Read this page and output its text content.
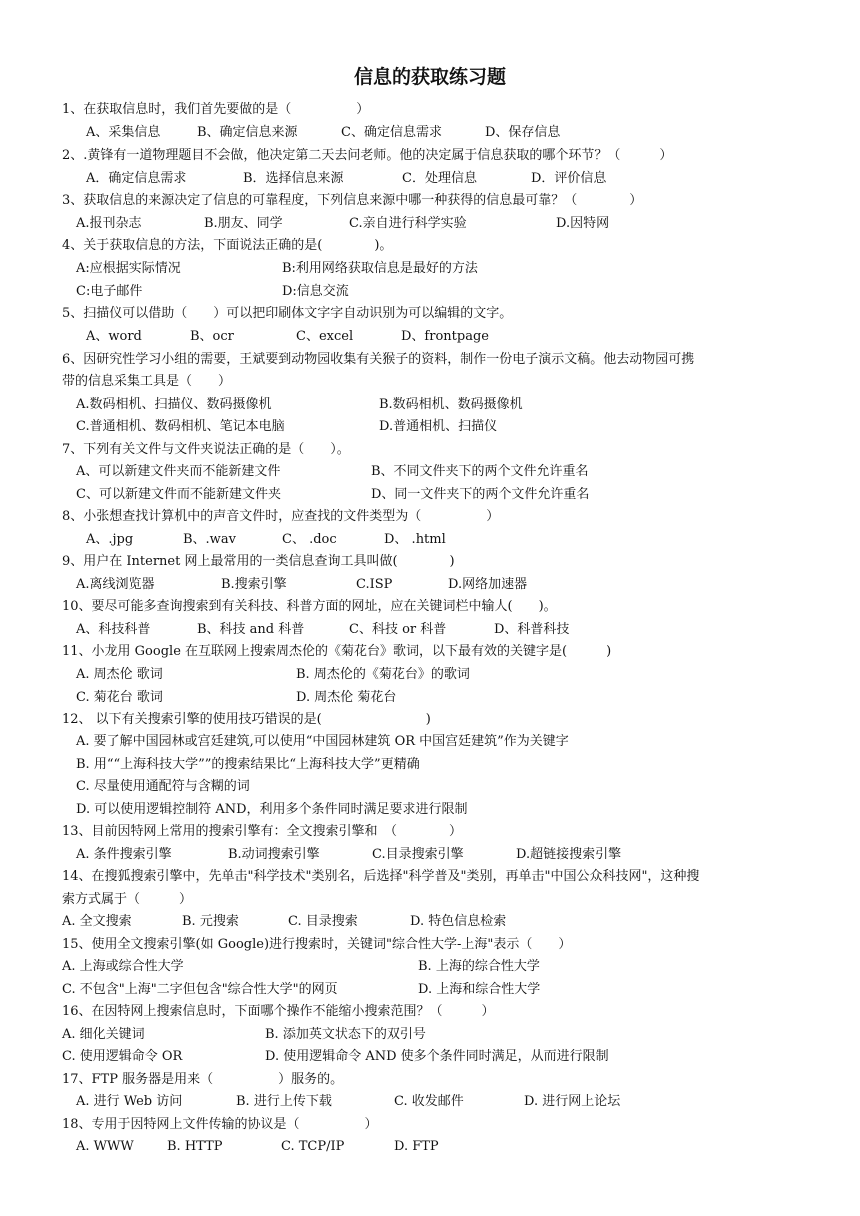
信息的获取练习题
1、在获取信息时，我们首先要做的是（　　　　　）
A、采集信息	B、确定信息来源	C、确定信息需求	D、保存信息
2、.黄锋有一道物理题目不会做，他决定第二天去问老师。他的决定属于信息获取的哪个环节？（　　　）
A．确定信息需求	B．选择信息来源	C．处理信息	D．评价信息
3、获取信息的来源决定了信息的可靠程度，下列信息来源中哪一种获得的信息最可靠？（　　　　）
A.报刊杂志	B.朋友、同学	C.亲自进行科学实验	D.因特网
4、关于获取信息的方法，下面说法正确的是(　　　　)。
A:应根据实际情况	B:利用网络获取信息是最好的方法
C:电子邮件	D:信息交流
5、扫描仪可以借助（　　）可以把印刷体文字字自动识别为可以编辑的文字。
A、word	B、ocr	C、excel	D、frontpage
6、因研究性学习小组的需要，王斌要到动物园收集有关猴子的资料，制作一份电子演示文稿。他去动物园可携
带的信息采集工具是（　　）
A.数码相机、扫描仪、数码摄像机	B.数码相机、数码摄像机
C.普通相机、数码相机、笔记本电脑	D.普通相机、扫描仪
7、下列有关文件与文件夹说法正确的是（　　）。
A、可以新建文件夹而不能新建文件	B、不同文件夹下的两个文件允许重名
C、可以新建文件而不能新建文件夹	D、同一文件夹下的两个文件允许重名
8、小张想查找计算机中的声音文件时，应查找的文件类型为（　　　　　）
A、.jpg	B、.wav	C、 .doc	D、 .html
9、用户在 Internet 网上最常用的一类信息查询工具叫做(　　　　)
A.离线浏览器	B.搜索引擎	C.ISP	D.网络加速器
10、要尽可能多查询搜索到有关科技、科普方面的网址，应在关键词栏中输人(　　)。
A、科技科普	B、科技 and 科普	C、科技 or 科普	D、科普科技
11、小龙用 Google 在互联网上搜索周杰伦的《菊花台》歌词，以下最有效的关键字是(　　　)
A. 周杰伦 歌词	B. 周杰伦的《菊花台》的歌词
C. 菊花台 歌词	D. 周杰伦 菊花台
12、 以下有关搜索引擎的使用技巧错误的是(　　　　　　　　)
A. 要了解中国园林或宫廷建筑,可以使用“中国园林建筑 OR 中国宫廷建筑”作为关键字
B. 用““上海科技大学””的搜索结果比“上海科技大学”更精确
C. 尽量使用通配符与含糊的词
D. 可以使用逻辑控制符 AND，利用多个条件同时满足要求进行限制
13、目前因特网上常用的搜索引擎有：全文搜索引擎和　（　　　　）
A. 条件搜索引擎	B.动词搜索引擎	C.目录搜索引擎	D.超链接搜索引擎
14、在搜狐搜索引擎中，先单击"科学技术"类别名，后选择"科学普及"类别，再单击"中国公众科技网"，这种搜
索方式属于（　　　）
A. 全文搜索	B. 元搜索	C. 目录搜索	D. 特色信息检索
15、使用全文搜索引擎(如 Google)进行搜索时，关键词"综合性大学-上海"表示（　　）
A. 上海或综合性大学	B. 上海的综合性大学
C. 不包含"上海"二字但包含"综合性大学"的网页	D. 上海和综合性大学
16、在因特网上搜索信息时，下面哪个操作不能缩小搜索范围？（　　　）
A. 细化关键词	B. 添加英文状态下的双引号
C. 使用逻辑命令 OR	D. 使用逻辑命令 AND 使多个条件同时满足，从而进行限制
17、FTP 服务器是用来（　　　　　）服务的。
A. 进行 Web 访问	B. 进行上传下载	C. 收发邮件	D. 进行网上论坛
18、专用于因特网上文件传输的协议是（　　　　　）
A. WWW	B. HTTP	C. TCP/IP	D. FTP
